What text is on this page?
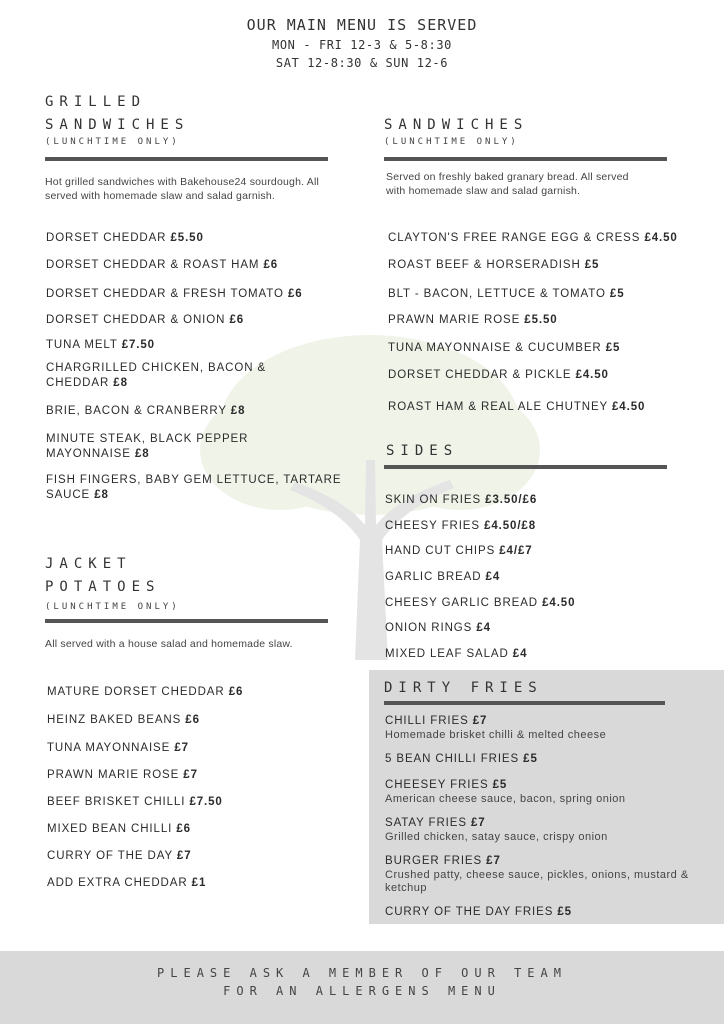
OUR MAIN MENU IS SERVED
MON - FRI 12-3 & 5-8:30
SAT 12-8:30 & SUN 12-6
GRILLED
SANDWICHES
(LUNCHTIME ONLY)
Hot grilled sandwiches with Bakehouse24 sourdough. All served with homemade slaw and salad garnish.
DORSET CHEDDAR £5.50
DORSET CHEDDAR & ROAST HAM £6
DORSET CHEDDAR & FRESH TOMATO £6
DORSET CHEDDAR & ONION £6
TUNA MELT £7.50
CHARGRILLED CHICKEN, BACON & CHEDDAR £8
BRIE, BACON & CRANBERRY £8
MINUTE STEAK, BLACK PEPPER MAYONNAISE £8
FISH FINGERS, BABY GEM LETTUCE, TARTARE SAUCE £8
JACKET
POTATOES
(LUNCHTIME ONLY)
All served with a house salad and homemade slaw.
MATURE DORSET CHEDDAR £6
HEINZ BAKED BEANS £6
TUNA MAYONNAISE £7
PRAWN MARIE ROSE £7
BEEF BRISKET CHILLI £7.50
MIXED BEAN CHILLI £6
CURRY OF THE DAY £7
ADD EXTRA CHEDDAR £1
SANDWICHES
(LUNCHTIME ONLY)
Served on freshly baked granary bread. All served with homemade slaw and salad garnish.
CLAYTON'S FREE RANGE EGG & CRESS £4.50
ROAST BEEF & HORSERADISH £5
BLT - BACON, LETTUCE & TOMATO £5
PRAWN MARIE ROSE £5.50
TUNA MAYONNAISE & CUCUMBER £5
DORSET CHEDDAR & PICKLE £4.50
ROAST HAM & REAL ALE CHUTNEY £4.50
SIDES
SKIN ON FRIES £3.50/£6
CHEESY FRIES £4.50/£8
HAND CUT CHIPS £4/£7
GARLIC BREAD £4
CHEESY GARLIC BREAD £4.50
ONION RINGS £4
MIXED LEAF SALAD £4
DIRTY FRIES
CHILLI FRIES £7
Homemade brisket chilli & melted cheese
5 BEAN CHILLI FRIES £5
CHEESEY FRIES £5
American cheese sauce, bacon, spring onion
SATAY FRIES £7
Grilled chicken, satay sauce, crispy onion
BURGER FRIES £7
Crushed patty, cheese sauce, pickles, onions, mustard & ketchup
CURRY OF THE DAY FRIES £5
PLEASE ASK A MEMBER OF OUR TEAM
FOR AN ALLERGENS MENU
